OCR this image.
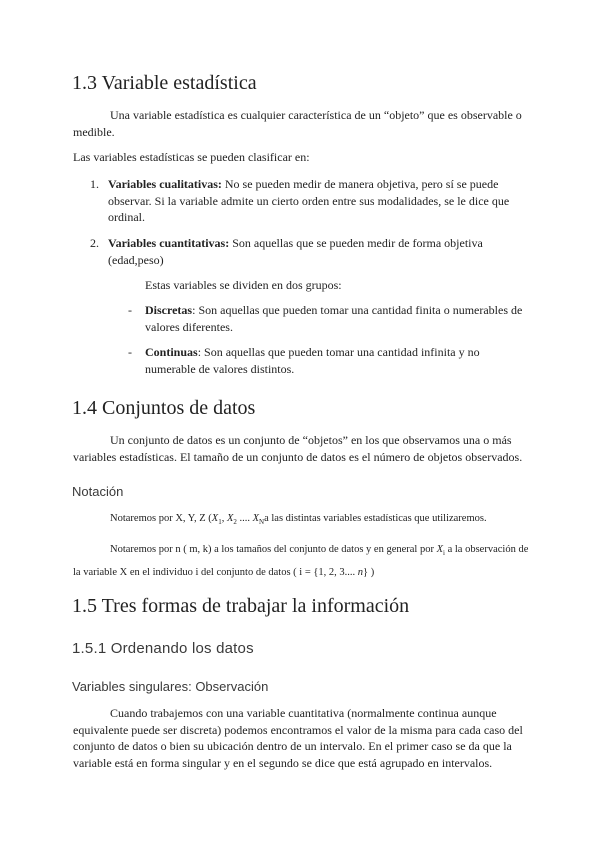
1.3 Variable estadística

Una variable estadística es cualquier característica de un “objeto” que es observable o medible.

Las variables estadísticas se pueden clasificar en:

1. Variables cualitativas: No se pueden medir de manera objetiva, pero sí se puede observar. Si la variable admite un cierto orden entre sus modalidades, se le dice que ordinal.

2. Variables cuantitativas: Son aquellas que se pueden medir de forma objetiva (edad,peso)

Estas variables se dividen en dos grupos:

- Discretas: Son aquellas que pueden tomar una cantidad finita o numerables de valores diferentes.

- Continuas: Son aquellas que pueden tomar una cantidad infinita y no numerable de valores distintos.

1.4 Conjuntos de datos

Un conjunto de datos es un conjunto de “objetos” en los que observamos una o más variables estadísticas. El tamaño de un conjunto de datos es el número de objetos observados.

Notación

Notaremos por X, Y, Z ($X_1$, $X_2$ .... $X_Na$ las distintas variables estadísticas que utilizaremos.

Notaremos por n ( m, k) a los tamaños del conjunto de datos y en general por $X_i$ a la observación de la variable X en el individuo i del conjunto de datos ( i = {1, 2, 3.... n} )

1.5 Tres formas de trabajar la información
1.5.1 Ordenando los datos
Variables singulares: Observación

Cuando trabajemos con una variable cuantitativa (normalmente continua aunque equivalente puede ser discreta) podemos encontramos el valor de la misma para cada caso del conjunto de datos o bien su ubicación dentro de un intervalo. En el primer caso se da que la variable está en forma singular y en el segundo se dice que está agrupado en intervalos.
